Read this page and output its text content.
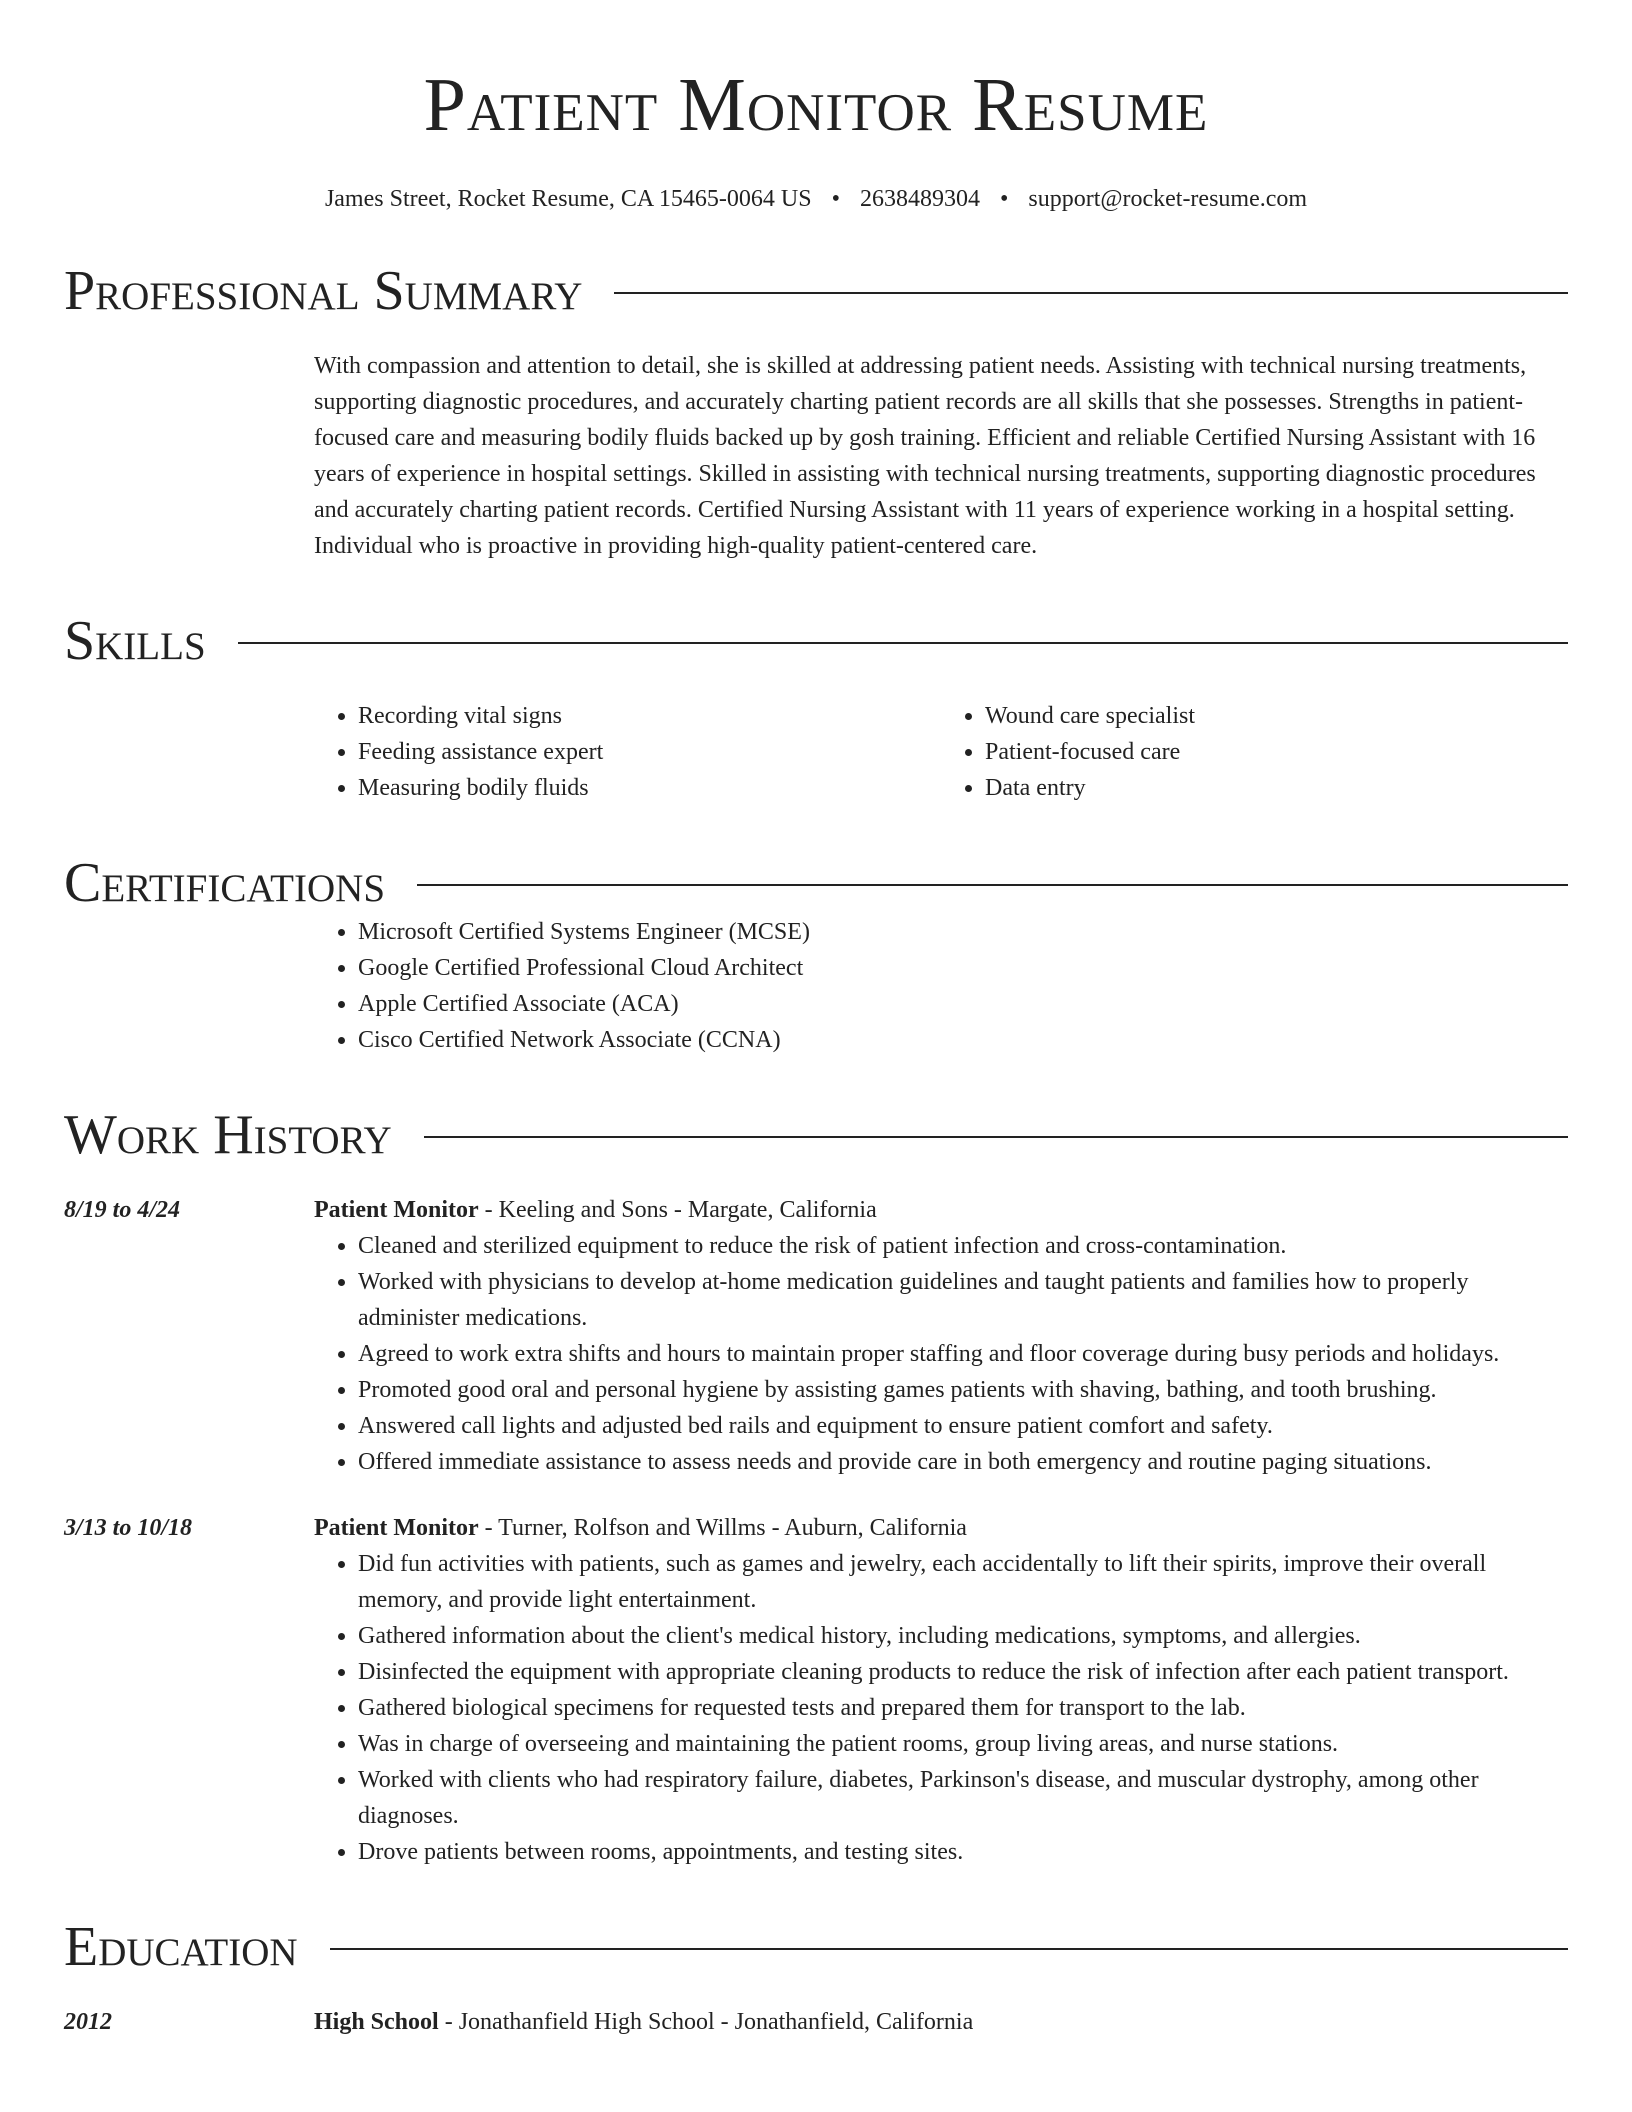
Patient Monitor Resume
James Street, Rocket Resume, CA 15465-0064 US • 2638489304 • support@rocket-resume.com
Professional Summary

With compassion and attention to detail, she is skilled at addressing patient needs. Assisting with technical nursing treatments, supporting diagnostic procedures, and accurately charting patient records are all skills that she possesses. Strengths in patient-focused care and measuring bodily fluids backed up by gosh training. Efficient and reliable Certified Nursing Assistant with 16 years of experience in hospital settings. Skilled in assisting with technical nursing treatments, supporting diagnostic procedures and accurately charting patient records. Certified Nursing Assistant with 11 years of experience working in a hospital setting. Individual who is proactive in providing high-quality patient-centered care.

Skills
• Recording vital signs
• Feeding assistance expert
• Measuring bodily fluids
• Wound care specialist
• Patient-focused care
• Data entry
Certifications
• Microsoft Certified Systems Engineer (MCSE)
• Google Certified Professional Cloud Architect
• Apple Certified Associate (ACA)
• Cisco Certified Network Associate (CCNA)
Work History
8/19 to 4/24	Patient Monitor - Keeling and Sons - Margate, California
• Cleaned and sterilized equipment to reduce the risk of patient infection and cross-contamination.
• Worked with physicians to develop at-home medication guidelines and taught patients and families how to properly administer medications.
• Agreed to work extra shifts and hours to maintain proper staffing and floor coverage during busy periods and holidays.
• Promoted good oral and personal hygiene by assisting games patients with shaving, bathing, and tooth brushing.
• Answered call lights and adjusted bed rails and equipment to ensure patient comfort and safety.
• Offered immediate assistance to assess needs and provide care in both emergency and routine paging situations.
3/13 to 10/18	Patient Monitor - Turner, Rolfson and Willms - Auburn, California
• Did fun activities with patients, such as games and jewelry, each accidentally to lift their spirits, improve their overall memory, and provide light entertainment.
• Gathered information about the client's medical history, including medications, symptoms, and allergies.
• Disinfected the equipment with appropriate cleaning products to reduce the risk of infection after each patient transport.
• Gathered biological specimens for requested tests and prepared them for transport to the lab.
• Was in charge of overseeing and maintaining the patient rooms, group living areas, and nurse stations.
• Worked with clients who had respiratory failure, diabetes, Parkinson's disease, and muscular dystrophy, among other diagnoses.
• Drove patients between rooms, appointments, and testing sites.
Education
2012	High School - Jonathanfield High School - Jonathanfield, California
